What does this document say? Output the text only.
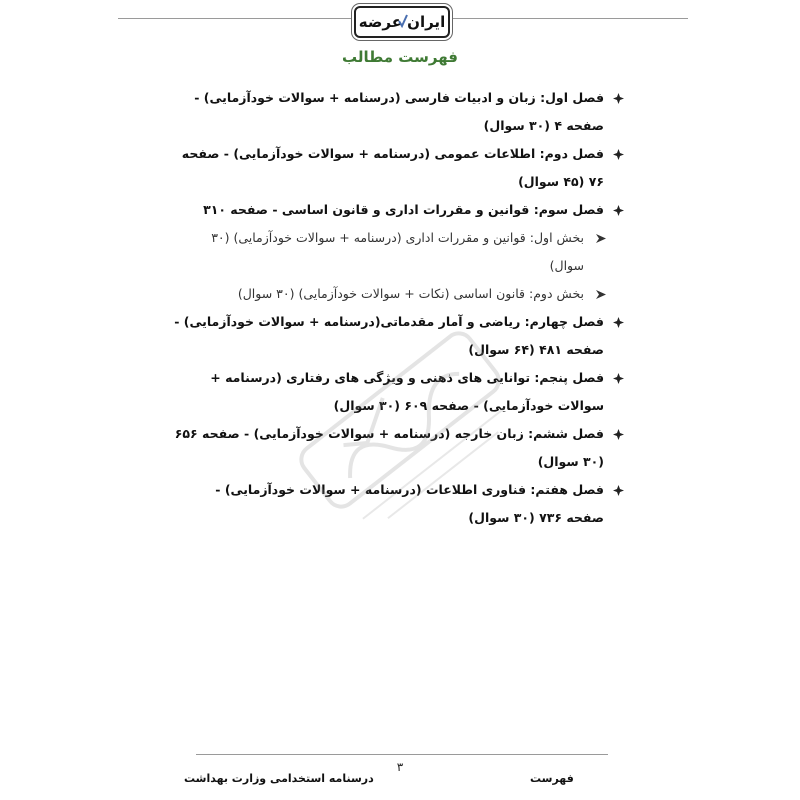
ایران عرضه
فهرست مطالب
فصل اول: زبان و ادبیات فارسی (درسنامه + سوالات خودآزمایی) - صفحه ۴ (۳۰ سوال)
فصل دوم: اطلاعات عمومی (درسنامه + سوالات خودآزمایی) - صفحه ۷۶ (۴۵ سوال)
فصل سوم: قوانین و مقررات اداری و قانون اساسی - صفحه ۳۱۰
بخش اول: قوانین و مقررات اداری (درسنامه + سوالات خودآزمایی) (۳۰ سوال)
بخش دوم: قانون اساسی (نکات + سوالات خودآزمایی) (۳۰ سوال)
فصل چهارم: ریاضی و آمار مقدماتی(درسنامه + سوالات خودآزمایی) - صفحه ۴۸۱ (۶۴ سوال)
فصل پنجم: توانایی های ذهنی و ویژگی های رفتاری (درسنامه + سوالات خودآزمایی) - صفحه ۶۰۹ (۳۰ سوال)
فصل ششم: زبان خارجه (درسنامه + سوالات خودآزمایی) - صفحه ۶۵۶ (۳۰ سوال)
فصل هفتم: فناوری اطلاعات (درسنامه + سوالات خودآزمایی) - صفحه ۷۳۶ (۳۰ سوال)
۳
درسنامه استخدامی وزارت بهداشت	فهرست
